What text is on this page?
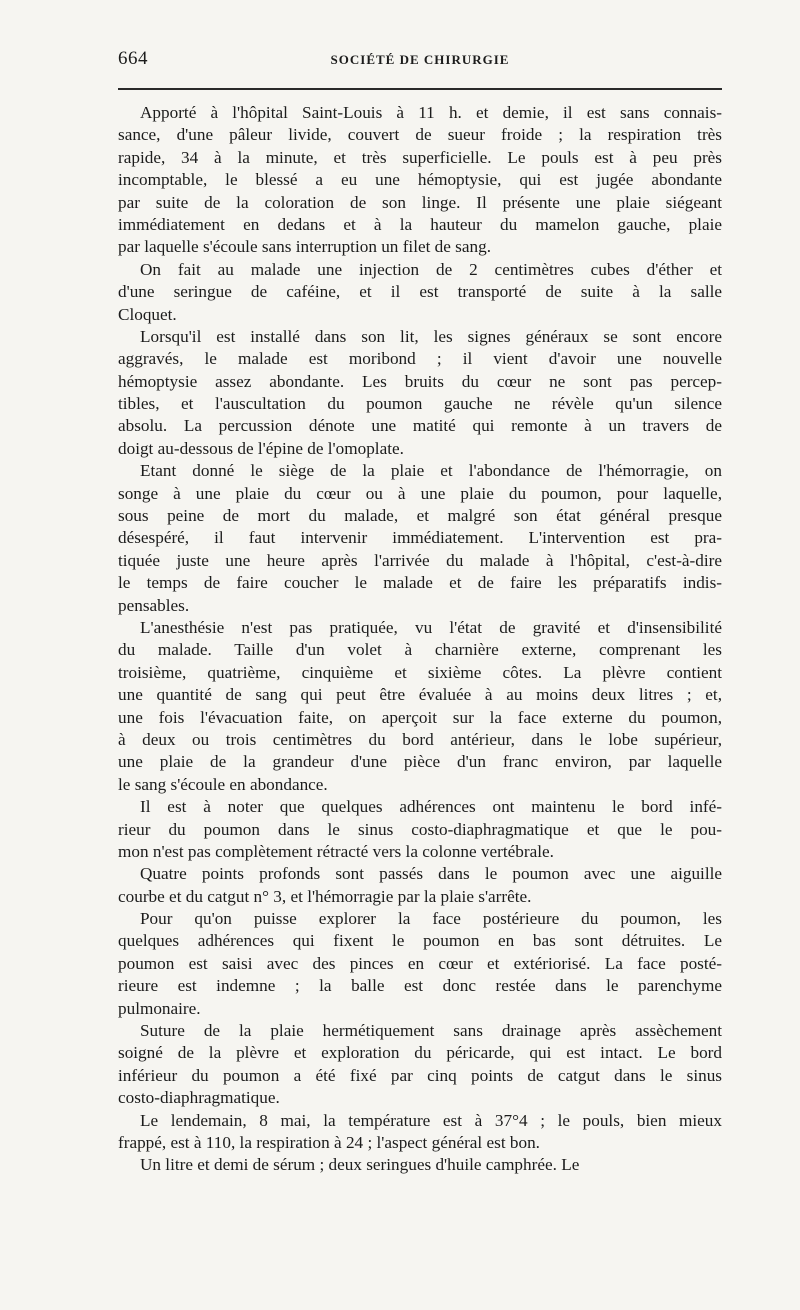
664	SOCIÉTÉ DE CHIRURGIE
Apporté à l'hôpital Saint-Louis à 11 h. et demie, il est sans connais-
sance, d'une pâleur livide, couvert de sueur froide ; la respiration très
rapide, 34 à la minute, et très superficielle. Le pouls est à peu près
incomptable, le blessé a eu une hémoptysie, qui est jugée abondante
par suite de la coloration de son linge. Il présente une plaie siégeant
immédiatement en dedans et à la hauteur du mamelon gauche, plaie
par laquelle s'écoule sans interruption un filet de sang.
On fait au malade une injection de 2 centimètres cubes d'éther et
d'une seringue de caféine, et il est transporté de suite à la salle
Cloquet.
Lorsqu'il est installé dans son lit, les signes généraux se sont encore
aggravés, le malade est moribond ; il vient d'avoir une nouvelle
hémoptysie assez abondante. Les bruits du cœur ne sont pas percep-
tibles, et l'auscultation du poumon gauche ne révèle qu'un silence
absolu. La percussion dénote une matité qui remonte à un travers de
doigt au-dessous de l'épine de l'omoplate.
Etant donné le siège de la plaie et l'abondance de l'hémorragie, on
songe à une plaie du cœur ou à une plaie du poumon, pour laquelle,
sous peine de mort du malade, et malgré son état général presque
désespéré, il faut intervenir immédiatement. L'intervention est pra-
tiquée juste une heure après l'arrivée du malade à l'hôpital, c'est-à-dire
le temps de faire coucher le malade et de faire les préparatifs indis-
pensables.
L'anesthésie n'est pas pratiquée, vu l'état de gravité et d'insensibilité
du malade. Taille d'un volet à charnière externe, comprenant les
troisième, quatrième, cinquième et sixième côtes. La plèvre contient
une quantité de sang qui peut être évaluée à au moins deux litres ; et,
une fois l'évacuation faite, on aperçoit sur la face externe du poumon,
à deux ou trois centimètres du bord antérieur, dans le lobe supérieur,
une plaie de la grandeur d'une pièce d'un franc environ, par laquelle
le sang s'écoule en abondance.
Il est à noter que quelques adhérences ont maintenu le bord infé-
rieur du poumon dans le sinus costo-diaphragmatique et que le pou-
mon n'est pas complètement rétracté vers la colonne vertébrale.
Quatre points profonds sont passés dans le poumon avec une aiguille
courbe et du catgut n° 3, et l'hémorragie par la plaie s'arrête.
Pour qu'on puisse explorer la face postérieure du poumon, les
quelques adhérences qui fixent le poumon en bas sont détruites. Le
poumon est saisi avec des pinces en cœur et extériorisé. La face posté-
rieure est indemne ; la balle est donc restée dans le parenchyme
pulmonaire.
Suture de la plaie hermétiquement sans drainage après assèchement
soigné de la plèvre et exploration du péricarde, qui est intact. Le bord
inférieur du poumon a été fixé par cinq points de catgut dans le sinus
costo-diaphragmatique.
Le lendemain, 8 mai, la température est à 37°4 ; le pouls, bien mieux
frappé, est à 110, la respiration à 24 ; l'aspect général est bon.
Un litre et demi de sérum ; deux seringues d'huile camphrée. Le
